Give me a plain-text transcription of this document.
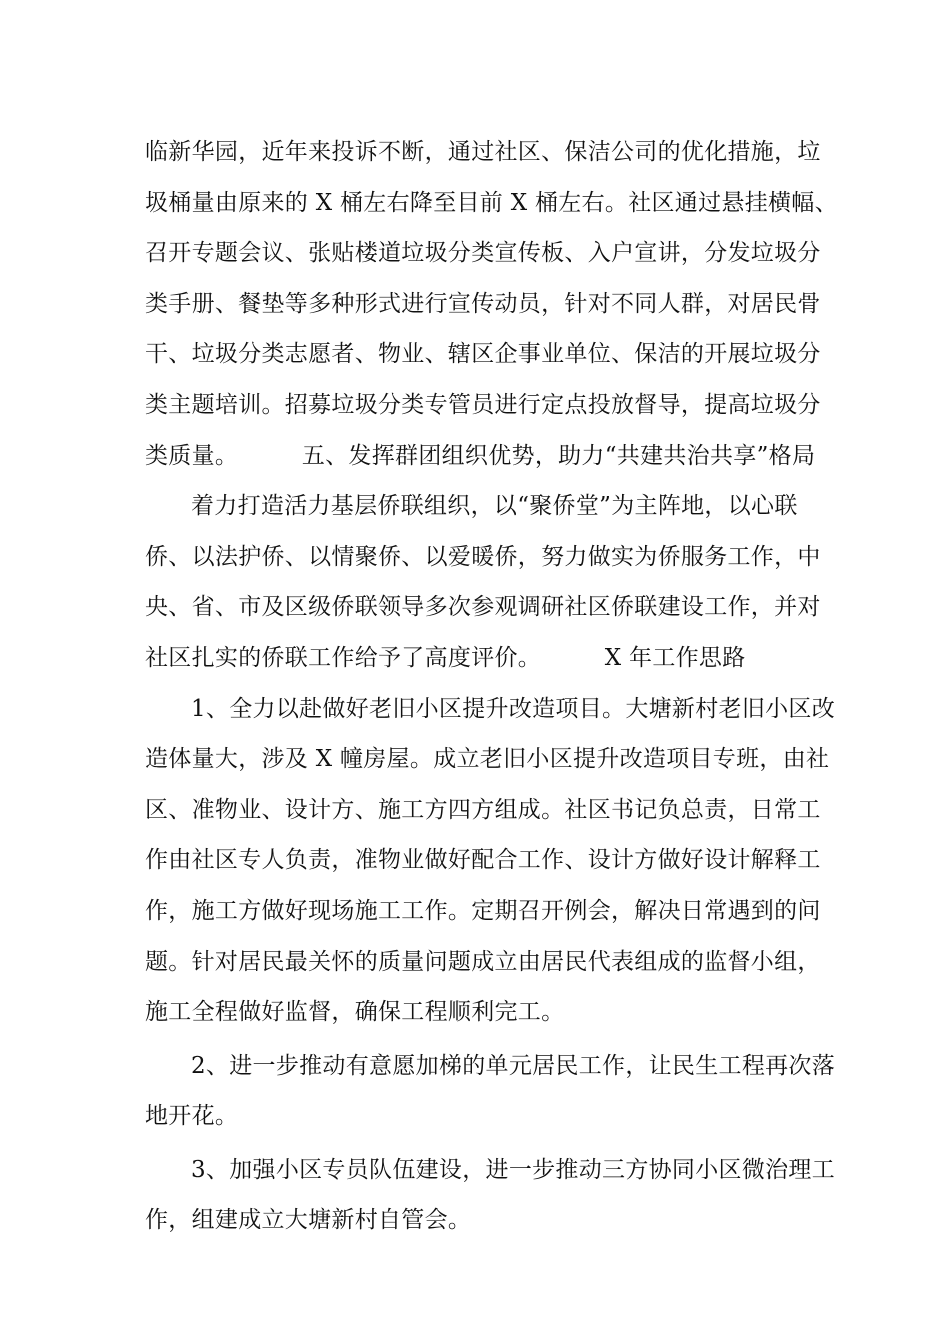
临新华园，近年来投诉不断，通过社区、保洁公司的优化措施，垃
圾桶量由原来的 X 桶左右降至目前 X 桶左右。社区通过悬挂横幅、
召开专题会议、张贴楼道垃圾分类宣传板、入户宣讲，分发垃圾分
类手册、餐垫等多种形式进行宣传动员，针对不同人群，对居民骨
干、垃圾分类志愿者、物业、辖区企事业单位、保洁的开展垃圾分
类主题培训。招募垃圾分类专管员进行定点投放督导，提高垃圾分
类质量。	五、发挥群团组织优势，助力“共建共治共享”格局
着力打造活力基层侨联组织，以“聚侨堂”为主阵地，以心联
侨、以法护侨、以情聚侨、以爱暖侨，努力做实为侨服务工作，中
央、省、市及区级侨联领导多次参观调研社区侨联建设工作，并对
社区扎实的侨联工作给予了高度评价。	X 年工作思路
1、全力以赴做好老旧小区提升改造项目。大塘新村老旧小区改
造体量大，涉及 X 幢房屋。成立老旧小区提升改造项目专班，由社
区、准物业、设计方、施工方四方组成。社区书记负总责，日常工
作由社区专人负责，准物业做好配合工作、设计方做好设计解释工
作，施工方做好现场施工工作。定期召开例会，解决日常遇到的问
题。针对居民最关怀的质量问题成立由居民代表组成的监督小组，
施工全程做好监督，确保工程顺利完工。
2、进一步推动有意愿加梯的单元居民工作，让民生工程再次落
地开花。
3、加强小区专员队伍建设，进一步推动三方协同小区微治理工
作，组建成立大塘新村自管会。
